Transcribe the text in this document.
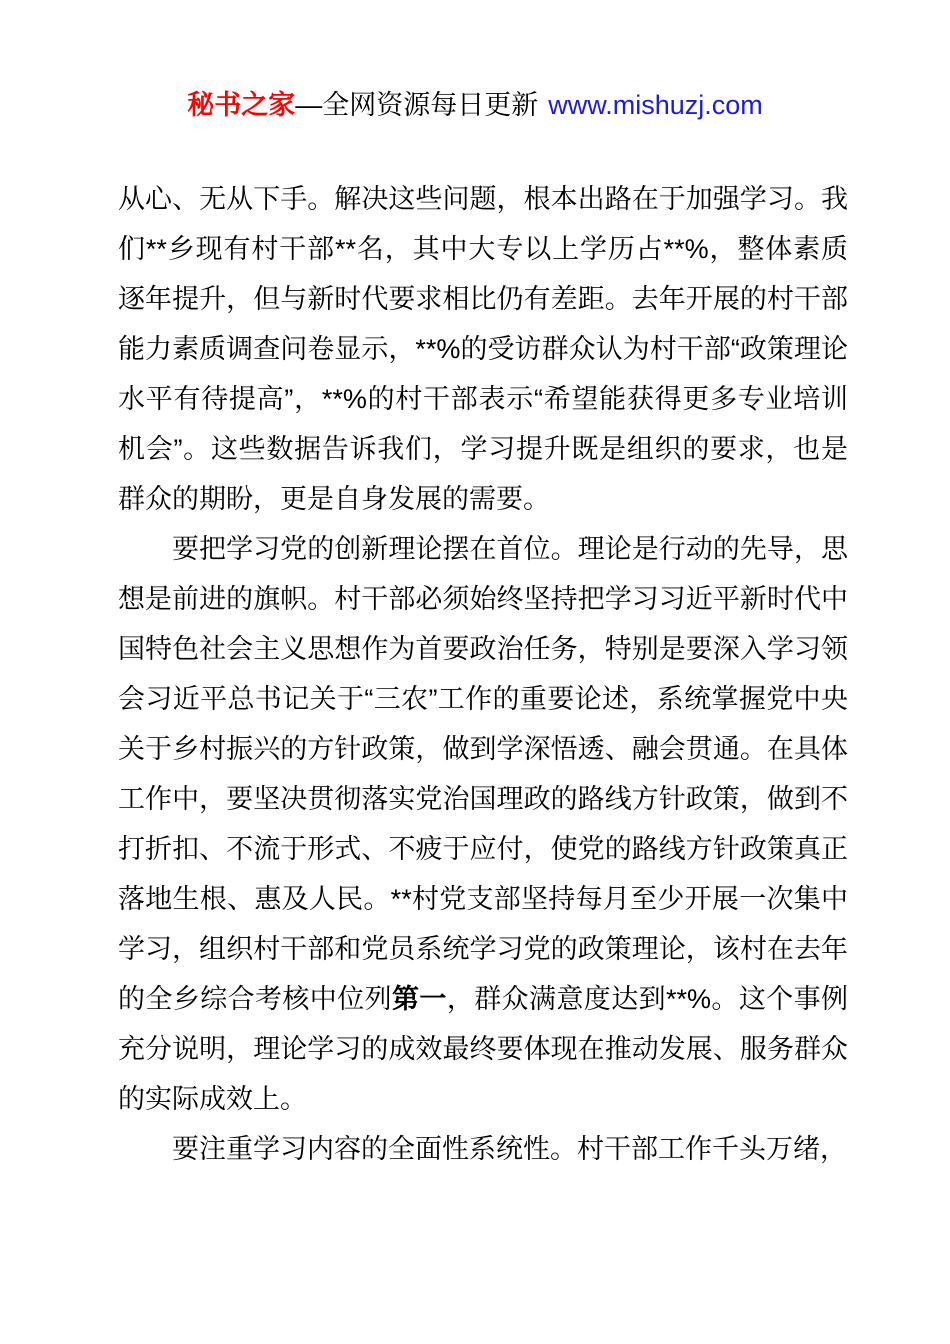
秘书之家—全网资源每日更新 www.mishuzj.com

从心、无从下手。解决这些问题，根本出路在于加强学习。我们**乡现有村干部**名，其中大专以上学历占**%，整体素质逐年提升，但与新时代要求相比仍有差距。去年开展的村干部能力素质调查问卷显示，**%的受访群众认为村干部“政策理论水平有待提高”，**%的村干部表示“希望能获得更多专业培训机会”。这些数据告诉我们，学习提升既是组织的要求，也是群众的期盼，更是自身发展的需要。

要把学习党的创新理论摆在首位。理论是行动的先导，思想是前进的旗帜。村干部必须始终坚持把学习习近平新时代中国特色社会主义思想作为首要政治任务，特别是要深入学习领会习近平总书记关于“三农”工作的重要论述，系统掌握党中央关于乡村振兴的方针政策，做到学深悟透、融会贯通。在具体工作中，要坚决贯彻落实党治国理政的路线方针政策，做到不打折扣、不流于形式、不疲于应付，使党的路线方针政策真正落地生根、惠及人民。**村党支部坚持每月至少开展一次集中学习，组织村干部和党员系统学习党的政策理论，该村在去年的全乡综合考核中位列第一，群众满意度达到**%。这个事例充分说明，理论学习的成效最终要体现在推动发展、服务群众的实际成效上。

要注重学习内容的全面性系统性。村干部工作千头万绪，
